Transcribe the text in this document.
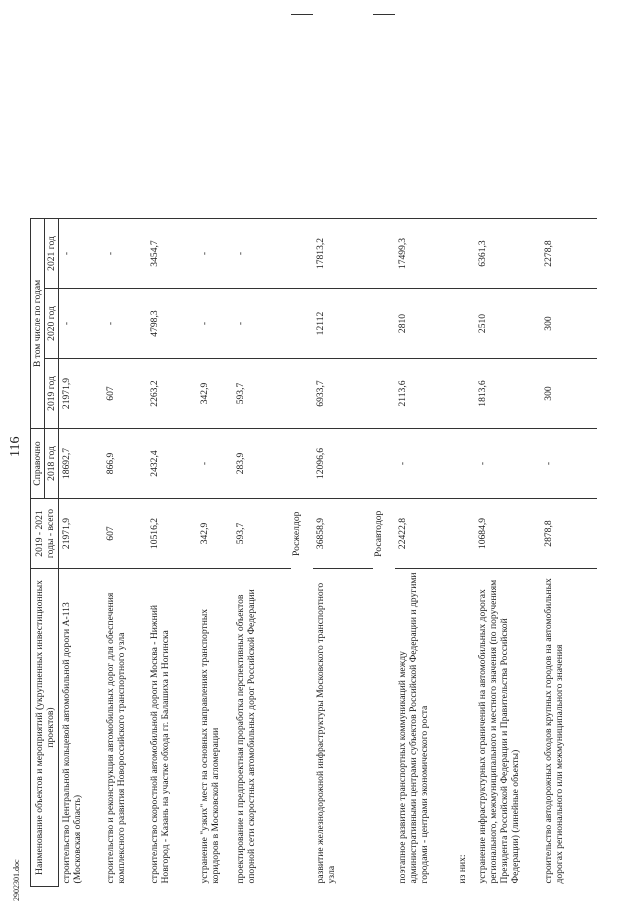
2902301.doc
116
Наименование объектов и мероприятий (укрупненных инвестиционных проектов)	2019 - 2021 годы - всего	Справочно	В том числе по годам				
		2018 год	2019 год	2020 год	2021 год		
строительство Центральной кольцевой автомобильной дороги А-113 (Московская область)	21971,9	18692,7	21971,9	-	-		
строительство и реконструкция автомобильных дорог для обеспечения комплексного развития Новороссийского транспортного узла	607	866,9	607	-	-		
строительство скоростной автомобильной дороги Москва - Нижний Новгород - Казань на участке обхода гг. Балашиха и Ногинска	10516,2	2432,4	2263,2	4798,3	3454,7		
устранение "узких" мест на основных направлениях транспортных коридоров в Московской агломерации	342,9	-	342,9	-	-		
проектирование и предпроектная проработка перспективных объектов опорной сети скоростных автомобильных дорог Российской Федерации	593,7	283,9	593,7	-	-		

	Росжелдор						

развитие железнодорожной инфраструктуры Московского транспортного узла	36858,9	12096,6	6933,7	12112	17813,2		

	Росавтодор						

поэтапное развитие транспортных коммуникаций между административными центрами субъектов Российской Федерации и другими городами - центрами экономического роста	22422,8	-	2113,6	2810	17499,3		
из них:							
устранение инфраструктурных ограничений на автомобильных дорогах регионального, межмуниципального и местного значения (по поручениям Президента Российской Федерации и Правительства Российской Федерации) (линейные объекты)	10684,9	-	1813,6	2510	6361,3		
строительство автодорожных обходов крупных городов на автомобильных дорогах регионального или межмуниципального значения	2878,8	-	300	300	2278,8		
